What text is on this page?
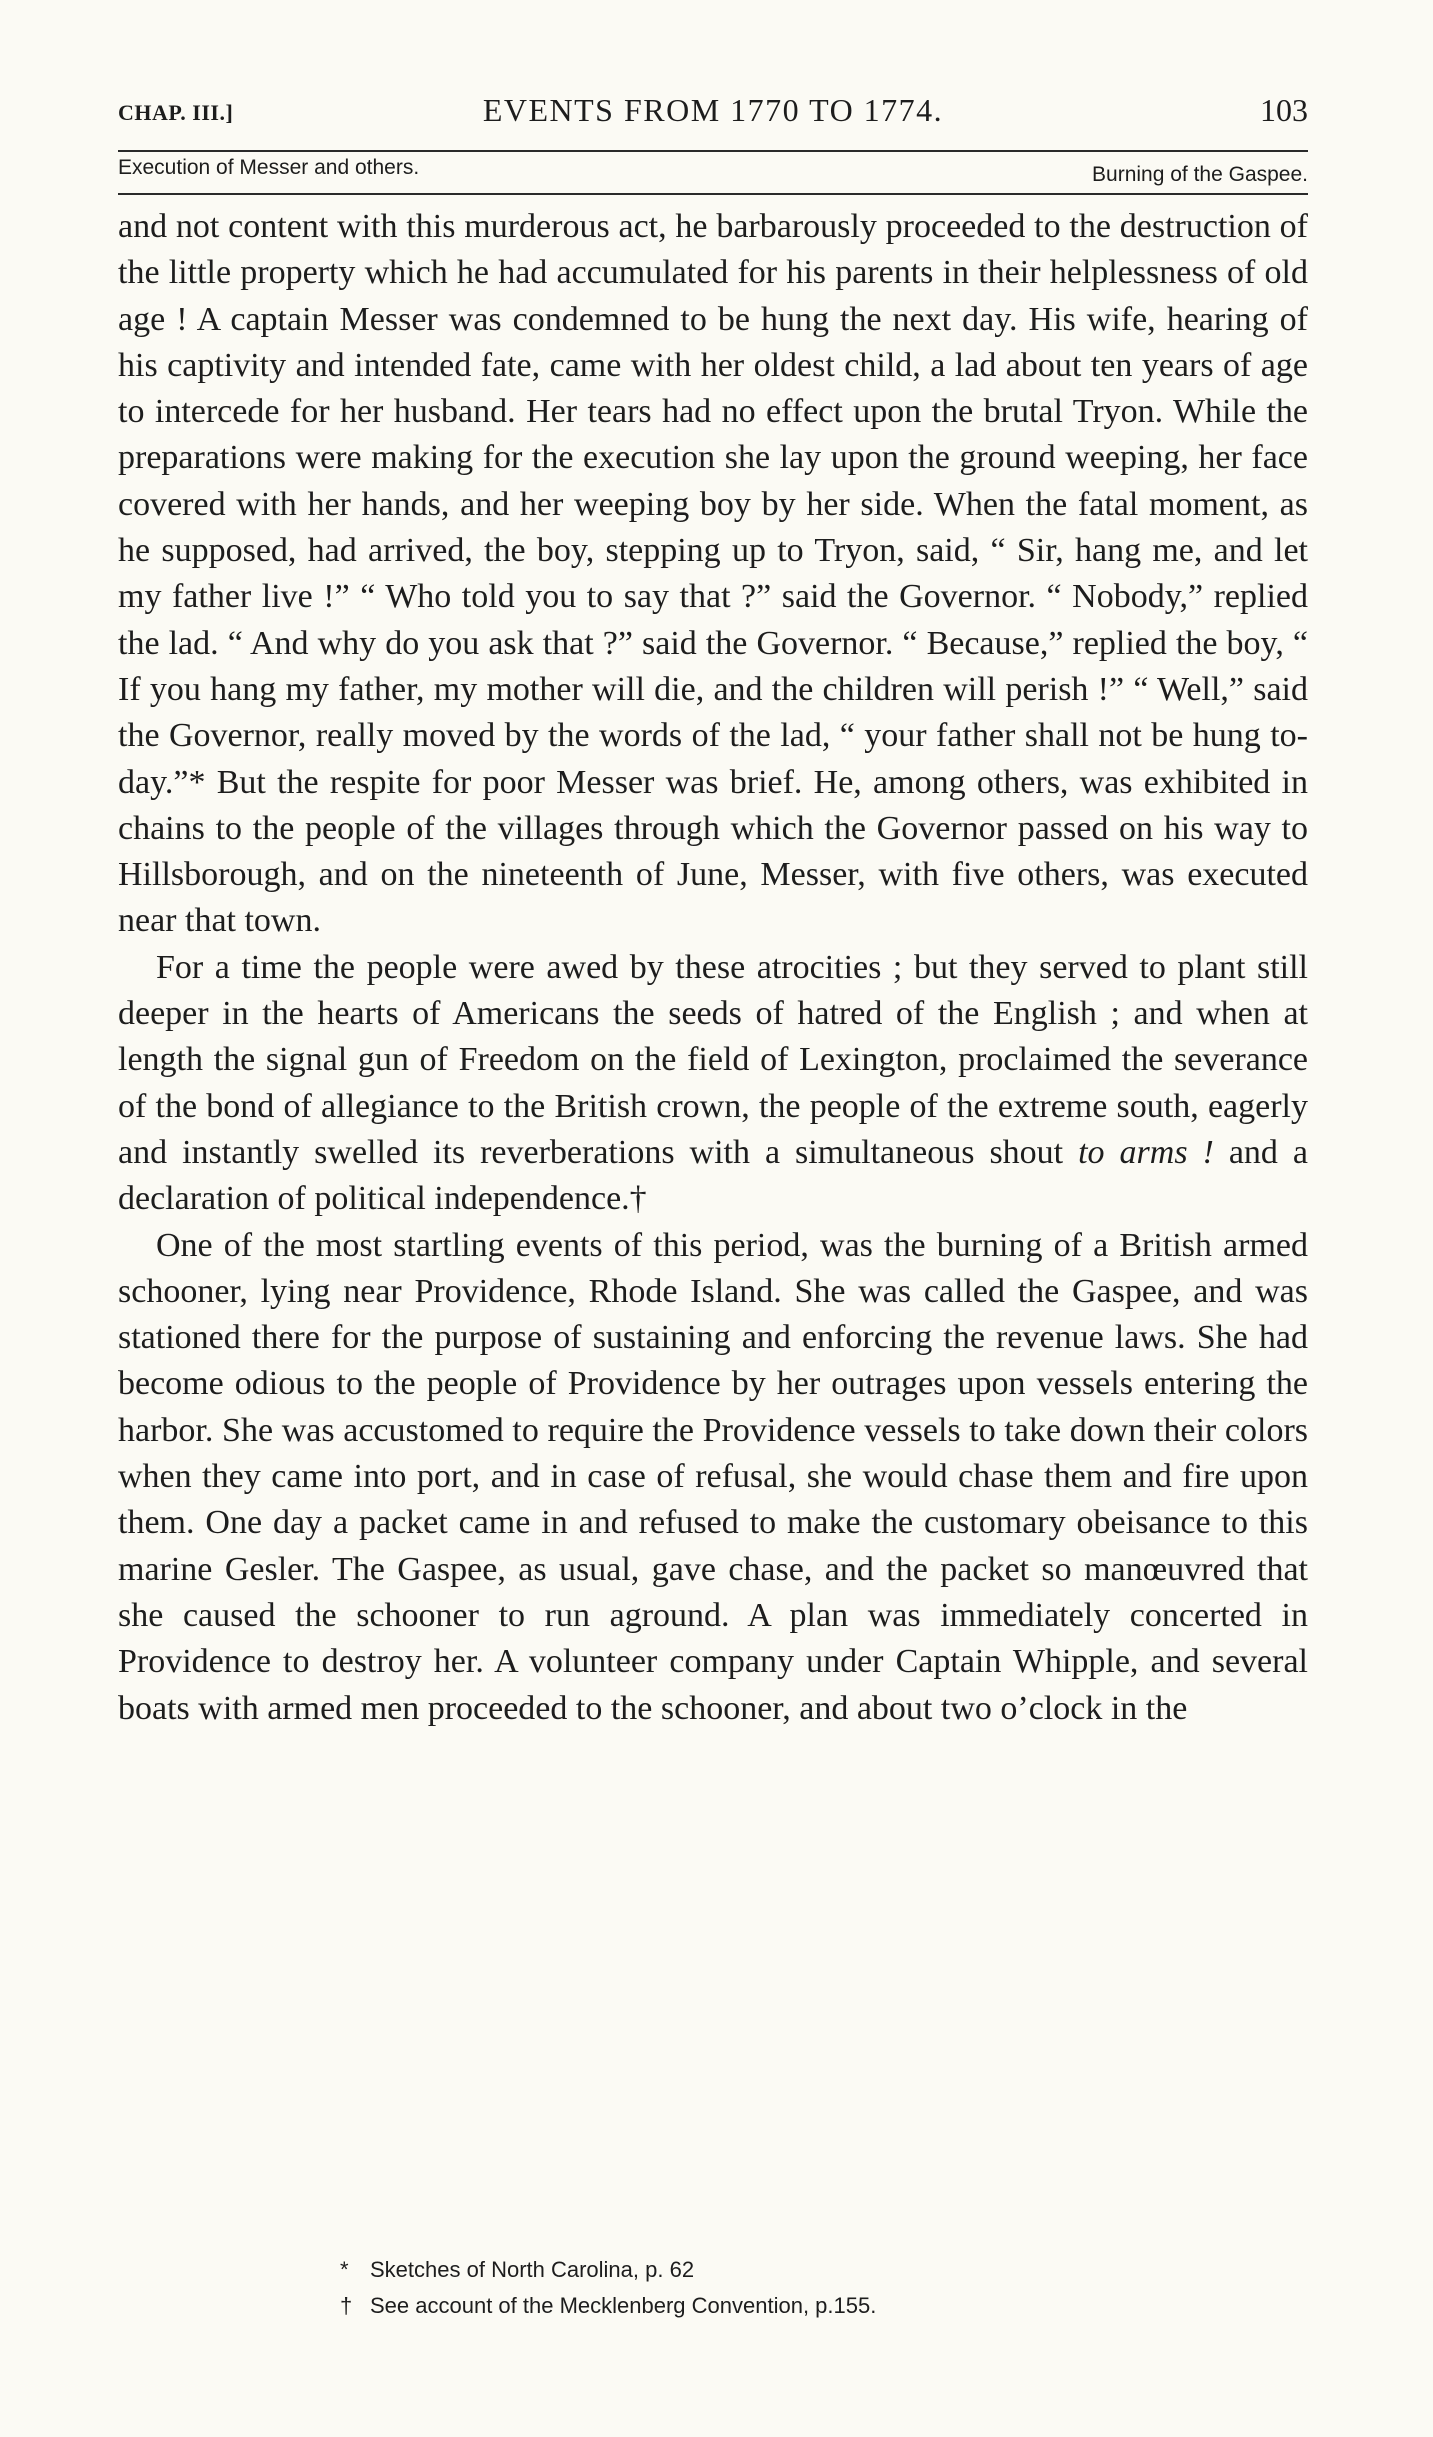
CHAP. III.]	EVENTS FROM 1770 TO 1774.	103
Execution of Messer and others.	Burning of the Gaspee.

and not content with this murderous act, he barbarously proceeded to the destruction of the little property which he had accumulated for his parents in their helplessness of old age ! A captain Messer was condemned to be hung the next day. His wife, hearing of his captivity and intended fate, came with her oldest child, a lad about ten years of age to intercede for her husband. Her tears had no effect upon the brutal Tryon. While the preparations were making for the execution she lay upon the ground weeping, her face covered with her hands, and her weeping boy by her side. When the fatal moment, as he supposed, had arrived, the boy, stepping up to Tryon, said, “ Sir, hang me, and let my father live !” “ Who told you to say that ?” said the Governor. “ Nobody,” replied the lad. “ And why do you ask that ?” said the Governor. “ Because,” replied the boy, “ If you hang my father, my mother will die, and the children will perish !” “ Well,” said the Governor, really moved by the words of the lad, “ your father shall not be hung to-day.”* But the respite for poor Messer was brief. He, among others, was exhibited in chains to the people of the villages through which the Governor passed on his way to Hillsborough, and on the nineteenth of June, Messer, with five others, was executed near that town.

For a time the people were awed by these atrocities ; but they served to plant still deeper in the hearts of Americans the seeds of hatred of the English ; and when at length the signal gun of Freedom on the field of Lexington, proclaimed the severance of the bond of allegiance to the British crown, the people of the extreme south, eagerly and instantly swelled its reverberations with a simultaneous shout to arms ! and a declaration of political independence.†

One of the most startling events of this period, was the burning of a British armed schooner, lying near Providence, Rhode Island. She was called the Gaspee, and was stationed there for the purpose of sustaining and enforcing the revenue laws. She had become odious to the people of Providence by her outrages upon vessels entering the harbor. She was accustomed to require the Providence vessels to take down their colors when they came into port, and in case of refusal, she would chase them and fire upon them. One day a packet came in and refused to make the customary obeisance to this marine Gesler. The Gaspee, as usual, gave chase, and the packet so manœuvred that she caused the schooner to run aground. A plan was immediately concerted in Providence to destroy her. A volunteer company under Captain Whipple, and several boats with armed men proceeded to the schooner, and about two o’clock in the

* Sketches of North Carolina, p. 62
† See account of the Mecklenberg Convention, p.155.
